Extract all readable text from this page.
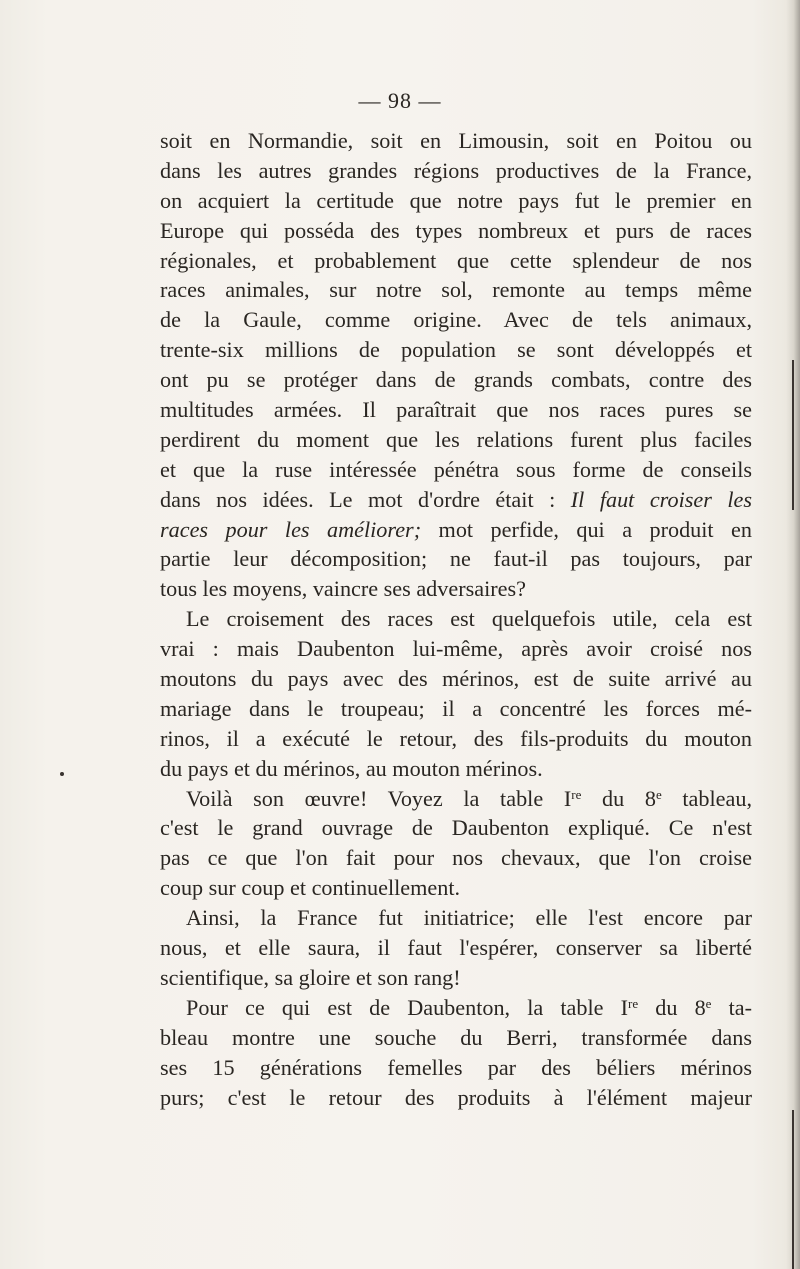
— 98 —
soit en Normandie, soit en Limousin, soit en Poitou ou
dans les autres grandes régions productives de la France,
on acquiert la certitude que notre pays fut le premier en
Europe qui posséda des types nombreux et purs de races
régionales, et probablement que cette splendeur de nos
races animales, sur notre sol, remonte au temps même
de la Gaule, comme origine. Avec de tels animaux,
trente-six millions de population se sont développés et
ont pu se protéger dans de grands combats, contre des
multitudes armées. Il paraîtrait que nos races pures se
perdirent du moment que les relations furent plus faciles
et que la ruse intéressée pénétra sous forme de conseils
dans nos idées. Le mot d'ordre était : Il faut croiser les
races pour les améliorer; mot perfide, qui a produit en
partie leur décomposition; ne faut-il pas toujours, par
tous les moyens, vaincre ses adversaires?
Le croisement des races est quelquefois utile, cela est
vrai : mais Daubenton lui-même, après avoir croisé nos
moutons du pays avec des mérinos, est de suite arrivé au
mariage dans le troupeau; il a concentré les forces mé-
rinos, il a exécuté le retour, des fils-produits du mouton
du pays et du mérinos, au mouton mérinos.
Voilà son œuvre! Voyez la table Ire du 8e tableau,
c'est le grand ouvrage de Daubenton expliqué. Ce n'est
pas ce que l'on fait pour nos chevaux, que l'on croise
coup sur coup et continuellement.
Ainsi, la France fut initiatrice; elle l'est encore par
nous, et elle saura, il faut l'espérer, conserver sa liberté
scientifique, sa gloire et son rang!
Pour ce qui est de Daubenton, la table Ire du 8e ta-
bleau montre une souche du Berri, transformée dans
ses 15 générations femelles par des béliers mérinos
purs; c'est le retour des produits à l'élément majeur
